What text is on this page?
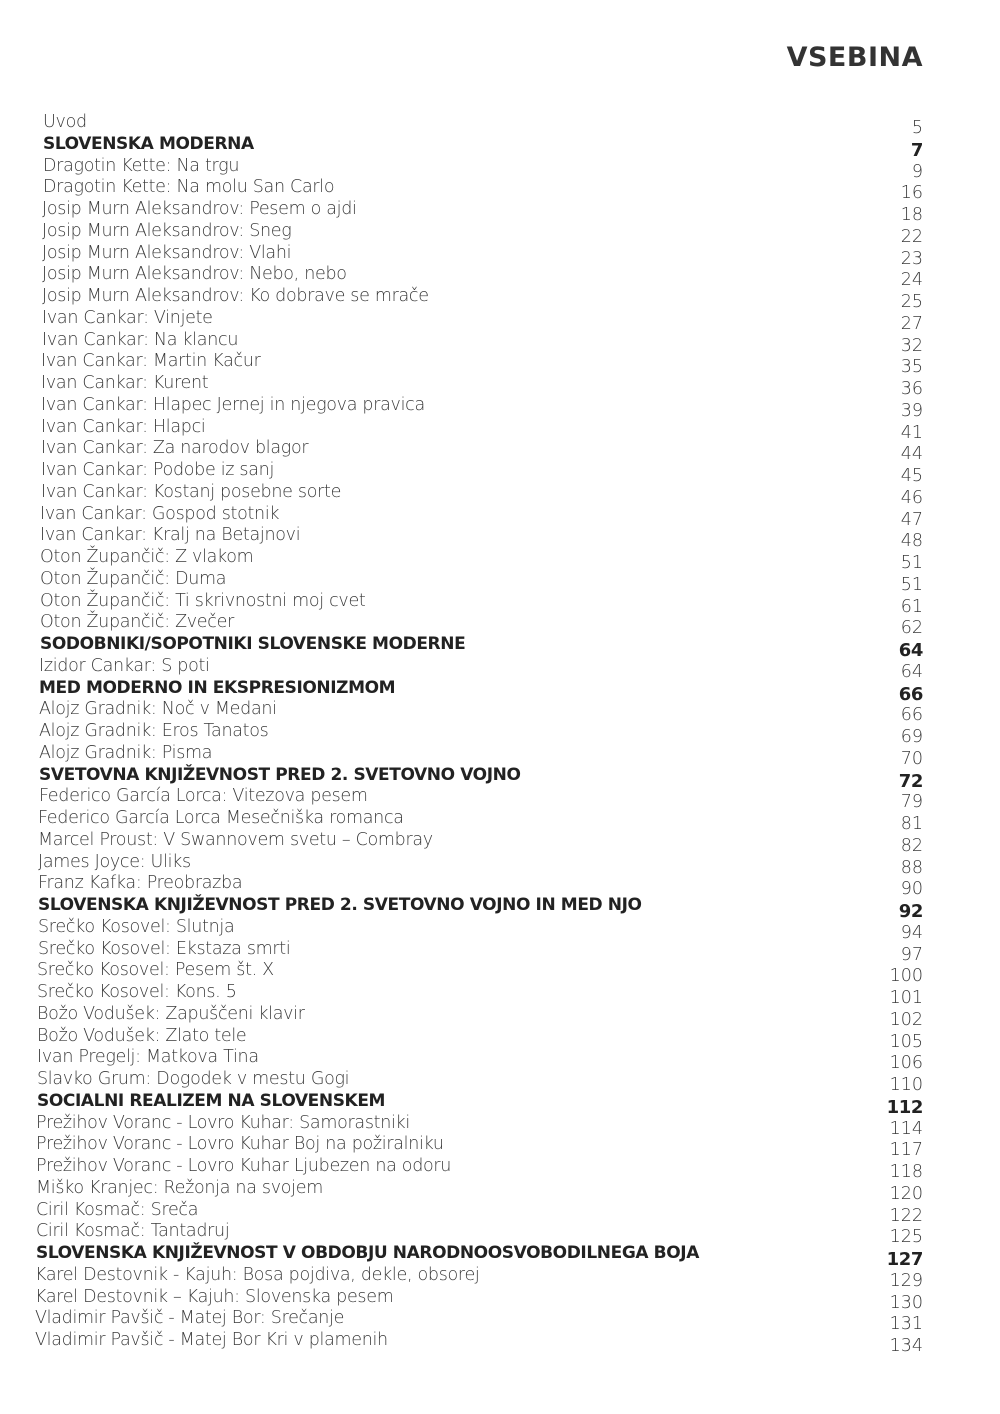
VSEBINA
Uvod	5
SLOVENSKA MODERNA	7
Dragotin Kette: Na trgu	9
Dragotin Kette: Na molu San Carlo	16
Josip Murn Aleksandrov: Pesem o ajdi	18
Josip Murn Aleksandrov: Sneg	22
Josip Murn Aleksandrov: Vlahi	23
Josip Murn Aleksandrov: Nebo, nebo	24
Josip Murn Aleksandrov: Ko dobrave se mrače	25
Ivan Cankar: Vinjete	27
Ivan Cankar: Na klancu	32
Ivan Cankar: Martin Kačur	35
Ivan Cankar: Kurent	36
Ivan Cankar: Hlapec Jernej in njegova pravica	39
Ivan Cankar: Hlapci	41
Ivan Cankar: Za narodov blagor	44
Ivan Cankar: Podobe iz sanj	45
Ivan Cankar: Kostanj posebne sorte	46
Ivan Cankar: Gospod stotnik	47
Ivan Cankar: Kralj na Betajnovi	48
Oton Župančič: Z vlakom	51
Oton Župančič: Duma	51
Oton Župančič: Ti skrivnostni moj cvet	61
Oton Župančič: Zvečer	62
SODOBNIKI/SOPOTNIKI SLOVENSKE MODERNE	64
Izidor Cankar: S poti	64
MED MODERNO IN EKSPRESIONIZMOM	66
Alojz Gradnik: Noč v Medani	66
Alojz Gradnik: Eros Tanatos	69
Alojz Gradnik: Pisma	70
SVETOVNA KNJIŽEVNOST PRED 2. SVETOVNO VOJNO	72
Federico García Lorca: Vitezova pesem	79
Federico García Lorca Mesečniška romanca	81
Marcel Proust: V Swannovem svetu – Combray	82
James Joyce: Uliks	88
Franz Kafka: Preobrazba	90
SLOVENSKA KNJIŽEVNOST PRED 2. SVETOVNO VOJNO IN MED NJO	92
Srečko Kosovel: Slutnja	94
Srečko Kosovel: Ekstaza smrti	97
Srečko Kosovel: Pesem št. X	100
Srečko Kosovel: Kons. 5	101
Božo Vodušek: Zapuščeni klavir	102
Božo Vodušek: Zlato tele	105
Ivan Pregelj: Matkova Tina	106
Slavko Grum: Dogodek v mestu Gogi	110
SOCIALNI REALIZEM NA SLOVENSKEM	112
Prežihov Voranc - Lovro Kuhar: Samorastniki	114
Prežihov Voranc - Lovro Kuhar Boj na požiralniku	117
Prežihov Voranc - Lovro Kuhar Ljubezen na odoru	118
Miško Kranjec: Režonja na svojem	120
Ciril Kosmač: Sreča	122
Ciril Kosmač: Tantadruj	125
SLOVENSKA KNJIŽEVNOST V OBDOBJU NARODNOOSVOBODILNEGA BOJA	127
Karel Destovnik - Kajuh: Bosa pojdiva, dekle, obsorej	129
Karel Destovnik – Kajuh: Slovenska pesem	130
Vladimir Pavšič - Matej Bor: Srečanje	131
Vladimir Pavšič - Matej Bor Kri v plamenih	134
